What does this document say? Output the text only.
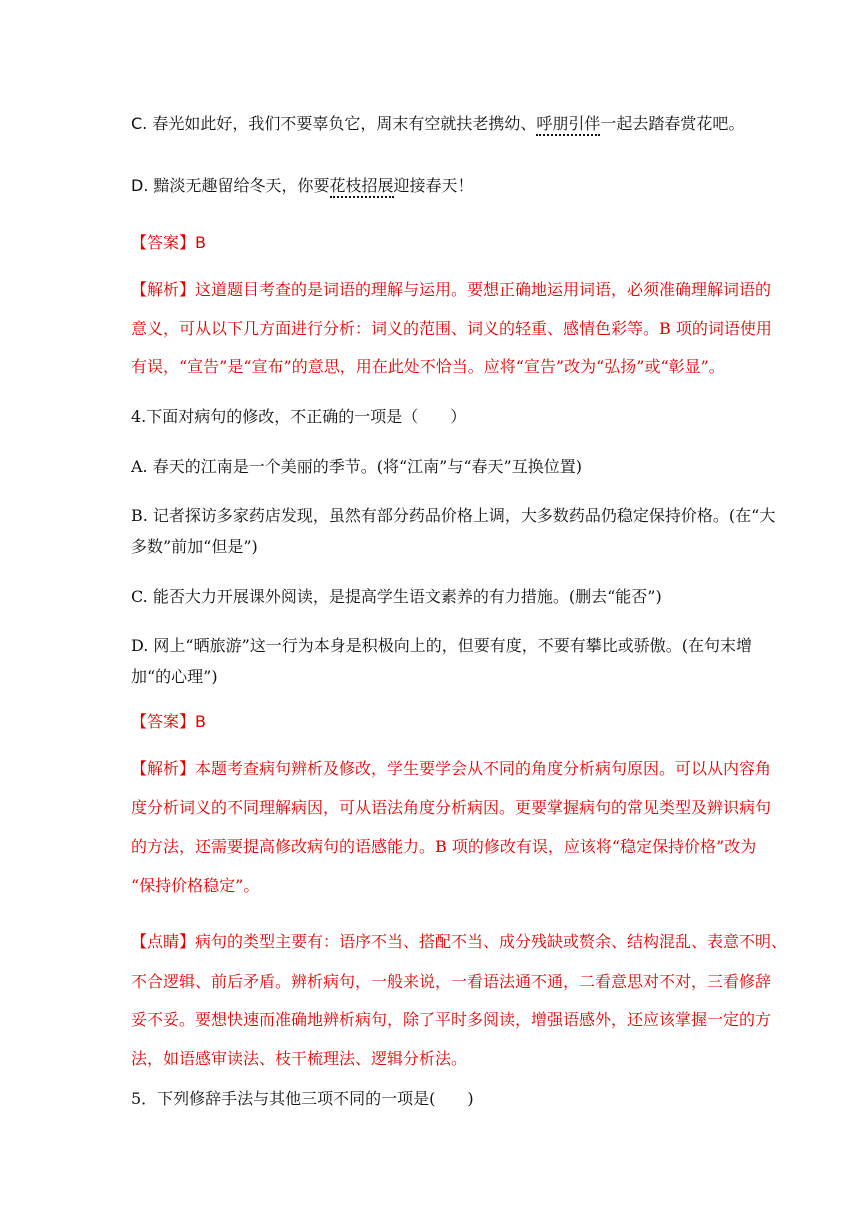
C. 春光如此好，我们不要辜负它，周末有空就扶老携幼、呼朋引伴一起去踏春赏花吧。
D. 黯淡无趣留给冬天，你要花枝招展迎接春天！
【答案】B
【解析】这道题目考查的是词语的理解与运用。要想正确地运用词语，必须准确理解词语的
意义，可从以下几方面进行分析：词义的范围、词义的轻重、感情色彩等。B 项的词语使用
有误，“宣告”是“宣布”的意思，用在此处不恰当。应将“宣告”改为“弘扬”或“彰显”。
4.下面对病句的修改，不正确的一项是（　　）
A. 春天的江南是一个美丽的季节。(将“江南”与“春天”互换位置)
B. 记者探访多家药店发现，虽然有部分药品价格上调，大多数药品仍稳定保持价格。(在“大
多数”前加“但是”)
C. 能否大力开展课外阅读，是提高学生语文素养的有力措施。(删去“能否”)
D. 网上“晒旅游”这一行为本身是积极向上的，但要有度，不要有攀比或骄傲。(在句末增
加“的心理”)
【答案】B
【解析】本题考查病句辨析及修改，学生要学会从不同的角度分析病句原因。可以从内容角
度分析词义的不同理解病因，可从语法角度分析病因。更要掌握病句的常见类型及辨识病句
的方法，还需要提高修改病句的语感能力。B 项的修改有误，应该将“稳定保持价格”改为
“保持价格稳定”。
【点睛】病句的类型主要有：语序不当、搭配不当、成分残缺或赘余、结构混乱、表意不明、
不合逻辑、前后矛盾。辨析病句，一般来说，一看语法通不通，二看意思对不对，三看修辞
妥不妥。要想快速而准确地辨析病句，除了平时多阅读，增强语感外，还应该掌握一定的方
法，如语感审读法、枝干梳理法、逻辑分析法。
5．下列修辞手法与其他三项不同的一项是(　　)
